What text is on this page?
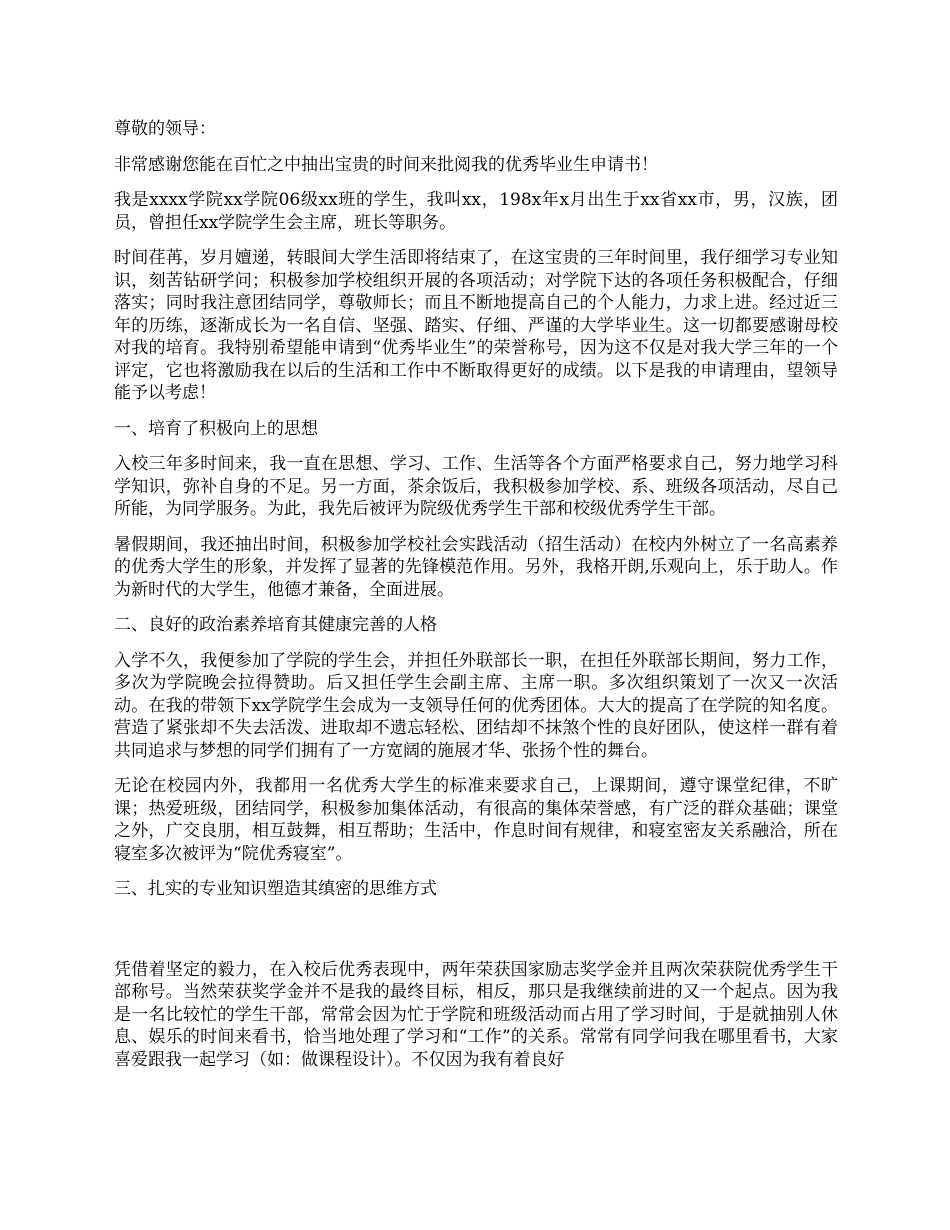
尊敬的领导：

非常感谢您能在百忙之中抽出宝贵的时间来批阅我的优秀毕业生申请书！

我是xxxx学院xx学院06级xx班的学生，我叫xx，198x年x月出生于xx省xx市，男，汉族，团员，曾担任xx学院学生会主席，班长等职务。

时间荏苒，岁月嬗递，转眼间大学生活即将结束了，在这宝贵的三年时间里，我仔细学习专业知识，刻苦钻研学问；积极参加学校组织开展的各项活动；对学院下达的各项任务积极配合，仔细落实；同时我注意团结同学，尊敬师长；而且不断地提高自己的个人能力，力求上进。经过近三年的历练，逐渐成长为一名自信、坚强、踏实、仔细、严谨的大学毕业生。这一切都要感谢母校对我的培育。我特别希望能申请到“优秀毕业生”的荣誉称号，因为这不仅是对我大学三年的一个评定，它也将激励我在以后的生活和工作中不断取得更好的成绩。以下是我的申请理由，望领导能予以考虑！

一、培育了积极向上的思想

入校三年多时间来，我一直在思想、学习、工作、生活等各个方面严格要求自己，努力地学习科学知识，弥补自身的不足。另一方面，茶余饭后，我积极参加学校、系、班级各项活动，尽自己所能，为同学服务。为此，我先后被评为院级优秀学生干部和校级优秀学生干部。

暑假期间，我还抽出时间，积极参加学校社会实践活动（招生活动）在校内外树立了一名高素养的优秀大学生的形象，并发挥了显著的先锋模范作用。另外，我格开朗,乐观向上，乐于助人。作为新时代的大学生，他德才兼备，全面进展。

二、良好的政治素养培育其健康完善的人格

入学不久，我便参加了学院的学生会，并担任外联部长一职，在担任外联部长期间，努力工作，多次为学院晚会拉得赞助。后又担任学生会副主席、主席一职。多次组织策划了一次又一次活动。在我的带领下xx学院学生会成为一支领导任何的优秀团体。大大的提高了在学院的知名度。营造了紧张却不失去活泼、进取却不遗忘轻松、团结却不抹煞个性的良好团队，使这样一群有着共同追求与梦想的同学们拥有了一方宽阔的施展才华、张扬个性的舞台。

无论在校园内外，我都用一名优秀大学生的标准来要求自己，上课期间，遵守课堂纪律，不旷课；热爱班级，团结同学，积极参加集体活动，有很高的集体荣誉感，有广泛的群众基础；课堂之外，广交良朋，相互鼓舞，相互帮助；生活中，作息时间有规律，和寝室密友关系融洽，所在寝室多次被评为“院优秀寝室”。

三、扎实的专业知识塑造其缜密的思维方式

凭借着坚定的毅力，在入校后优秀表现中，两年荣获国家励志奖学金并且两次荣获院优秀学生干部称号。当然荣获奖学金并不是我的最终目标，相反，那只是我继续前进的又一个起点。因为我是一名比较忙的学生干部，常常会因为忙于学院和班级活动而占用了学习时间，于是就抽别人休息、娱乐的时间来看书，恰当地处理了学习和“工作”的关系。常常有同学问我在哪里看书，大家喜爱跟我一起学习（如：做课程设计）。不仅因为我有着良好
